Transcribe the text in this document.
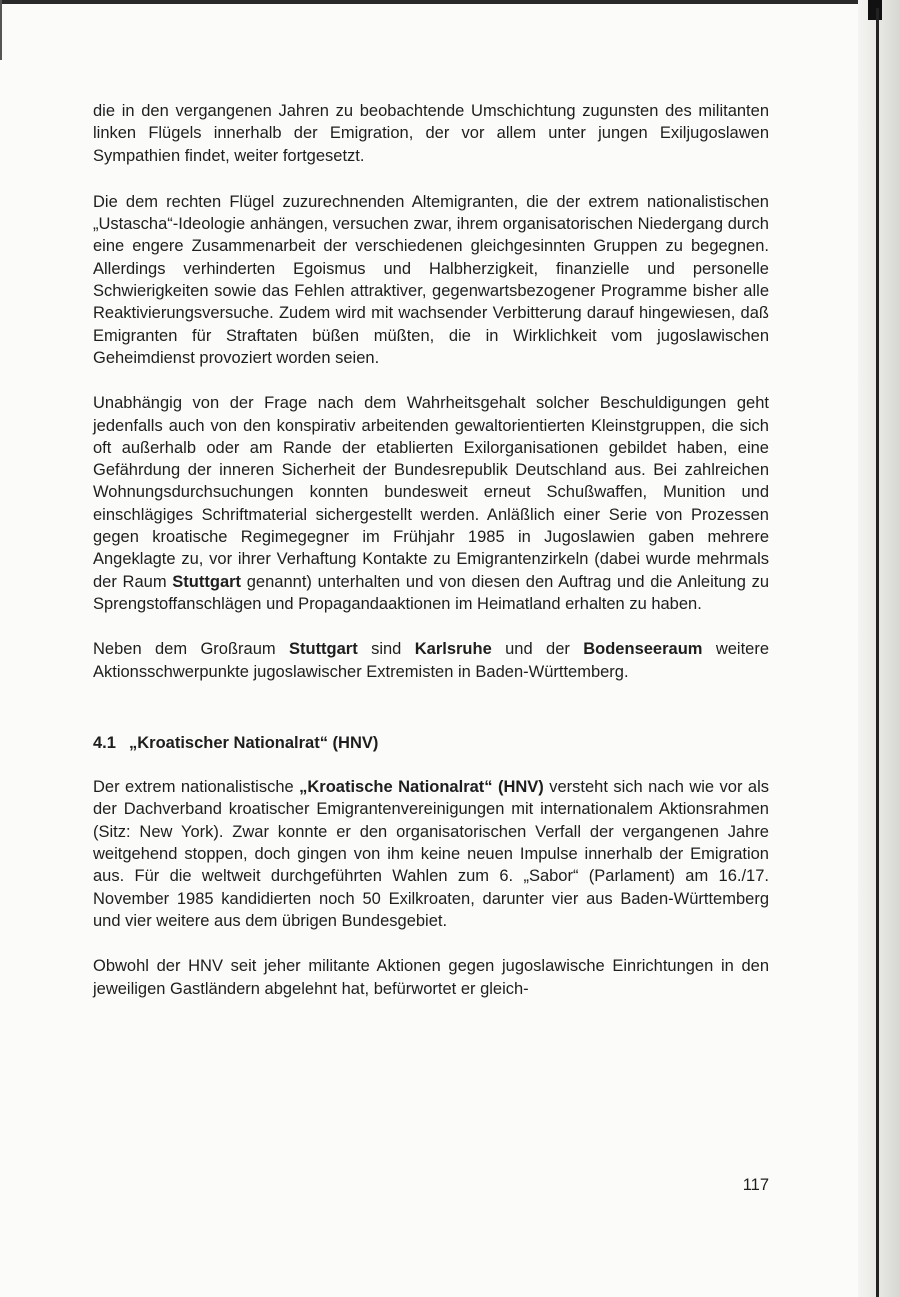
die in den vergangenen Jahren zu beobachtende Umschichtung zugunsten des militanten linken Flügels innerhalb der Emigration, der vor allem unter jungen Exiljugoslawen Sympathien findet, weiter fortgesetzt.

Die dem rechten Flügel zuzurechnenden Altemigranten, die der extrem nationalistischen „Ustascha“-Ideologie anhängen, versuchen zwar, ihrem organisatorischen Niedergang durch eine engere Zusammenarbeit der verschiedenen gleichgesinnten Gruppen zu begegnen. Allerdings verhinderten Egoismus und Halbherzigkeit, finanzielle und personelle Schwierigkeiten sowie das Fehlen attraktiver, gegenwartsbezogener Programme bisher alle Reaktivierungsversuche. Zudem wird mit wachsender Verbitterung darauf hingewiesen, daß Emigranten für Straftaten büßen müßten, die in Wirklichkeit vom jugoslawischen Geheimdienst provoziert worden seien.

Unabhängig von der Frage nach dem Wahrheitsgehalt solcher Beschuldigungen geht jedenfalls auch von den konspirativ arbeitenden gewaltorientierten Kleinstgruppen, die sich oft außerhalb oder am Rande der etablierten Exilorganisationen gebildet haben, eine Gefährdung der inneren Sicherheit der Bundesrepublik Deutschland aus. Bei zahlreichen Wohnungsdurchsuchungen konnten bundesweit erneut Schußwaffen, Munition und einschlägiges Schriftmaterial sichergestellt werden. Anläßlich einer Serie von Prozessen gegen kroatische Regimegegner im Frühjahr 1985 in Jugoslawien gaben mehrere Angeklagte zu, vor ihrer Verhaftung Kontakte zu Emigrantenzirkeln (dabei wurde mehrmals der Raum Stuttgart genannt) unterhalten und von diesen den Auftrag und die Anleitung zu Sprengstoffanschlägen und Propagandaaktionen im Heimatland erhalten zu haben.

Neben dem Großraum Stuttgart sind Karlsruhe und der Bodenseeraum weitere Aktionsschwerpunkte jugoslawischer Extremisten in Baden-Württemberg.

4.1 „Kroatischer Nationalrat“ (HNV)

Der extrem nationalistische „Kroatische Nationalrat“ (HNV) versteht sich nach wie vor als der Dachverband kroatischer Emigrantenvereinigungen mit internationalem Aktionsrahmen (Sitz: New York). Zwar konnte er den organisatorischen Verfall der vergangenen Jahre weitgehend stoppen, doch gingen von ihm keine neuen Impulse innerhalb der Emigration aus. Für die weltweit durchgeführten Wahlen zum 6. „Sabor“ (Parlament) am 16./17. November 1985 kandidierten noch 50 Exilkroaten, darunter vier aus Baden-Württemberg und vier weitere aus dem übrigen Bundesgebiet.

Obwohl der HNV seit jeher militante Aktionen gegen jugoslawische Einrichtungen in den jeweiligen Gastländern abgelehnt hat, befürwortet er gleich-

117
